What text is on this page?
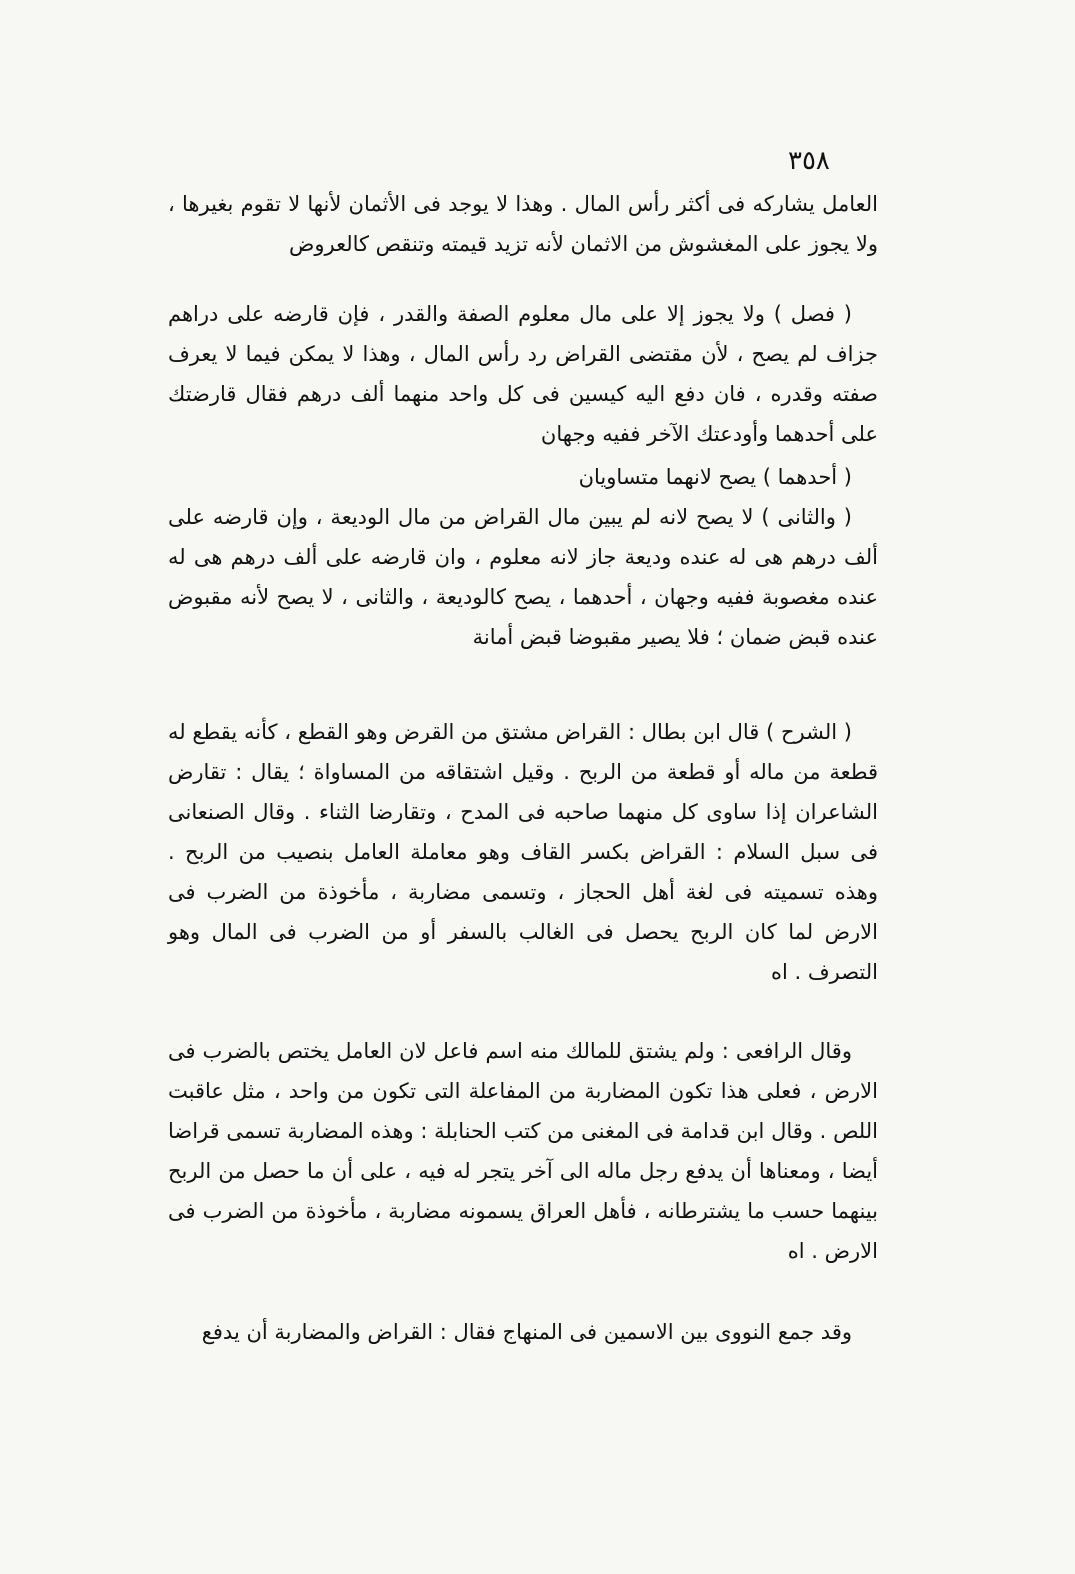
٣٥٨

العامل يشاركه فى أكثر رأس المال . وهذا لا يوجد فى الأثمان لأنها لا تقوم بغيرها ، ولا يجوز على المغشوش من الاثمان لأنه تزيد قيمته وتنقص كالعروض

( فصل ) ولا يجوز إلا على مال معلوم الصفة والقدر ، فإن قارضه على دراهم جزاف لم يصح ، لأن مقتضى القراض رد رأس المال ، وهذا لا يمكن فيما لا يعرف صفته وقدره ، فان دفع اليه كيسين فى كل واحد منهما ألف درهم فقال قارضتك على أحدهما وأودعتك الآخر ففيه وجهان

( أحدهما ) يصح لانهما متساويان

( والثانى ) لا يصح لانه لم يبين مال القراض من مال الوديعة ، وإن قارضه على ألف درهم هى له عنده وديعة جاز لانه معلوم ، وان قارضه على ألف درهم هى له عنده مغصوبة ففيه وجهان ، أحدهما ، يصح كالوديعة ، والثانى ، لا يصح لأنه مقبوض عنده قبض ضمان ؛ فلا يصير مقبوضا قبض أمانة

( الشرح ) قال ابن بطال : القراض مشتق من القرض وهو القطع ، كأنه يقطع له قطعة من ماله أو قطعة من الربح . وقيل اشتقاقه من المساواة ؛ يقال : تقارض الشاعران إذا ساوى كل منهما صاحبه فى المدح ، وتقارضا الثناء . وقال الصنعانى فى سبل السلام : القراض بكسر القاف وهو معاملة العامل بنصيب من الربح . وهذه تسميته فى لغة أهل الحجاز ، وتسمى مضاربة ، مأخوذة من الضرب فى الارض لما كان الربح يحصل فى الغالب بالسفر أو من الضرب فى المال وهو التصرف . اه

وقال الرافعى : ولم يشتق للمالك منه اسم فاعل لان العامل يختص بالضرب فى الارض ، فعلى هذا تكون المضاربة من المفاعلة التى تكون من واحد ، مثل عاقبت اللص . وقال ابن قدامة فى المغنى من كتب الحنابلة : وهذه المضاربة تسمى قراضا أيضا ، ومعناها أن يدفع رجل ماله الى آخر يتجر له فيه ، على أن ما حصل من الربح بينهما حسب ما يشترطانه ، فأهل العراق يسمونه مضاربة ، مأخوذة من الضرب فى الارض . اه

وقد جمع النووى بين الاسمين فى المنهاج فقال : القراض والمضاربة أن يدفع
